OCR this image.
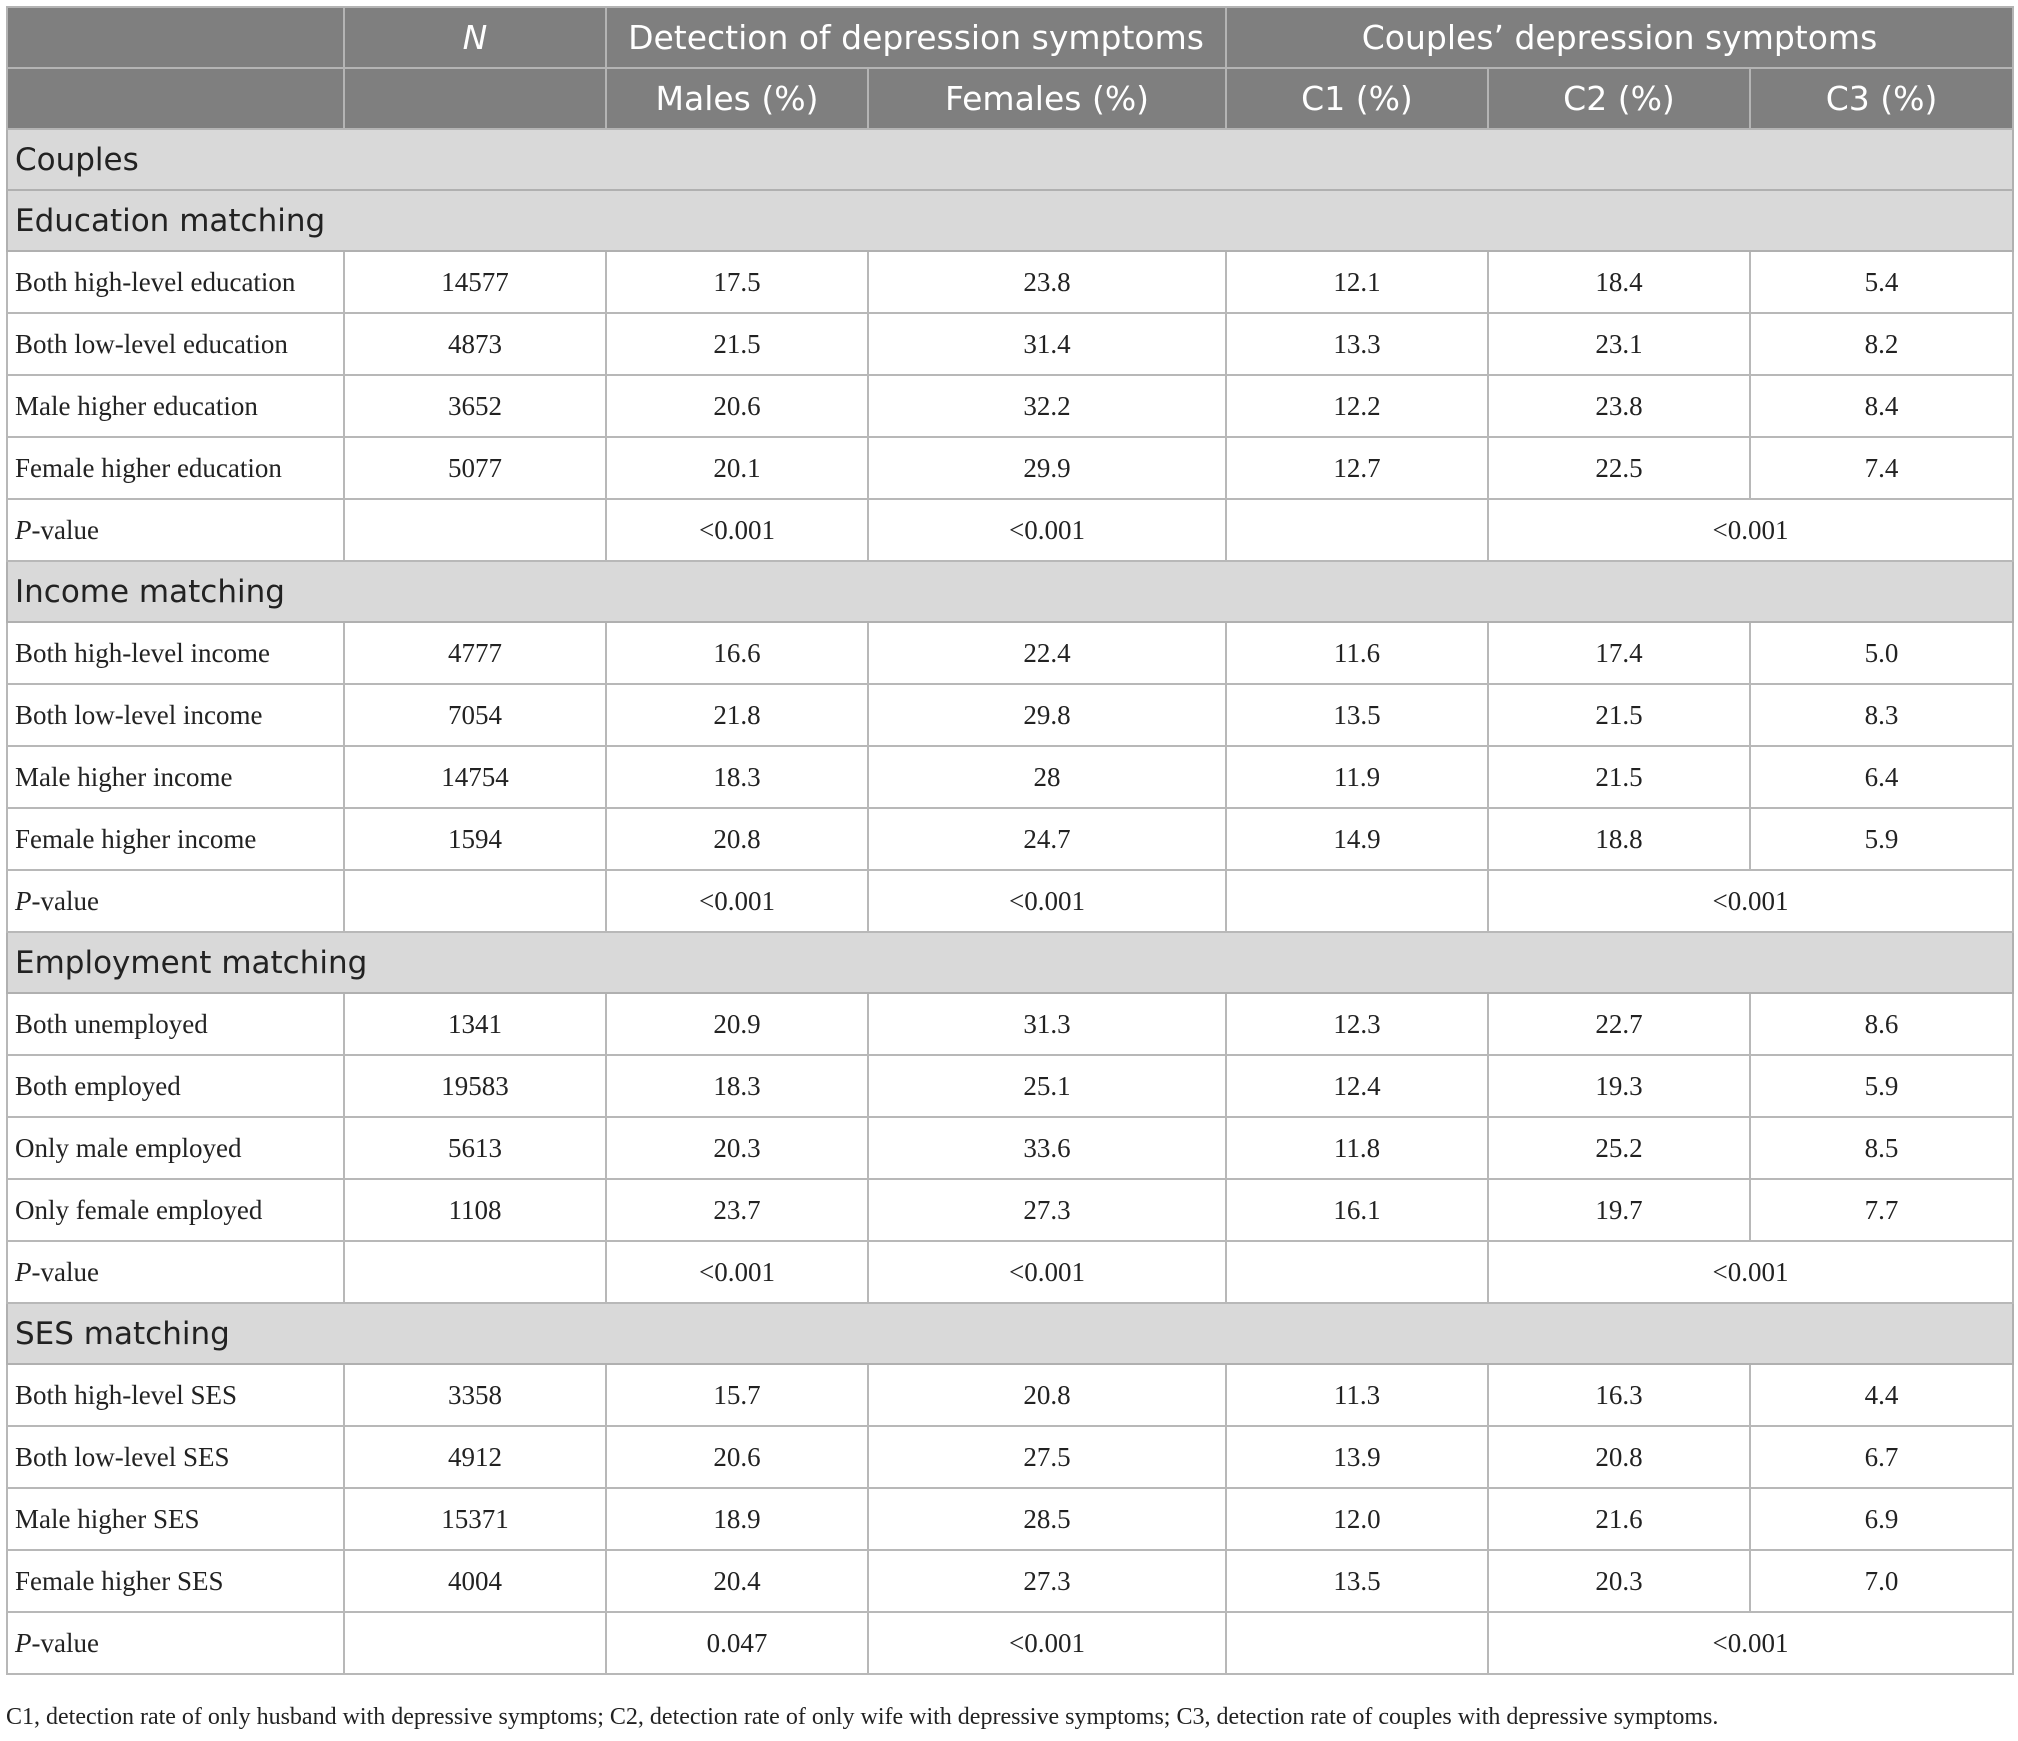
	N	Detection of depression symptoms		Couples’ depression symptoms		
		Males (%)	Females (%)	C1 (%)	C2 (%)	C3 (%)
Couples						
Education matching						
Both high-level education	14577	17.5	23.8	12.1	18.4	5.4
Both low-level education	4873	21.5	31.4	13.3	23.1	8.2
Male higher education	3652	20.6	32.2	12.2	23.8	8.4
Female higher education	5077	20.1	29.9	12.7	22.5	7.4
P-value		<0.001	<0.001		<0.001	
Income matching						
Both high-level income	4777	16.6	22.4	11.6	17.4	5.0
Both low-level income	7054	21.8	29.8	13.5	21.5	8.3
Male higher income	14754	18.3	28	11.9	21.5	6.4
Female higher income	1594	20.8	24.7	14.9	18.8	5.9
P-value		<0.001	<0.001		<0.001	
Employment matching						
Both unemployed	1341	20.9	31.3	12.3	22.7	8.6
Both employed	19583	18.3	25.1	12.4	19.3	5.9
Only male employed	5613	20.3	33.6	11.8	25.2	8.5
Only female employed	1108	23.7	27.3	16.1	19.7	7.7
P-value		<0.001	<0.001		<0.001	
SES matching						
Both high-level SES	3358	15.7	20.8	11.3	16.3	4.4
Both low-level SES	4912	20.6	27.5	13.9	20.8	6.7
Male higher SES	15371	18.9	28.5	12.0	21.6	6.9
Female higher SES	4004	20.4	27.3	13.5	20.3	7.0
P-value		0.047	<0.001		<0.001	
C1, detection rate of only husband with depressive symptoms; C2, detection rate of only wife with depressive symptoms; C3, detection rate of couples with depressive symptoms.
